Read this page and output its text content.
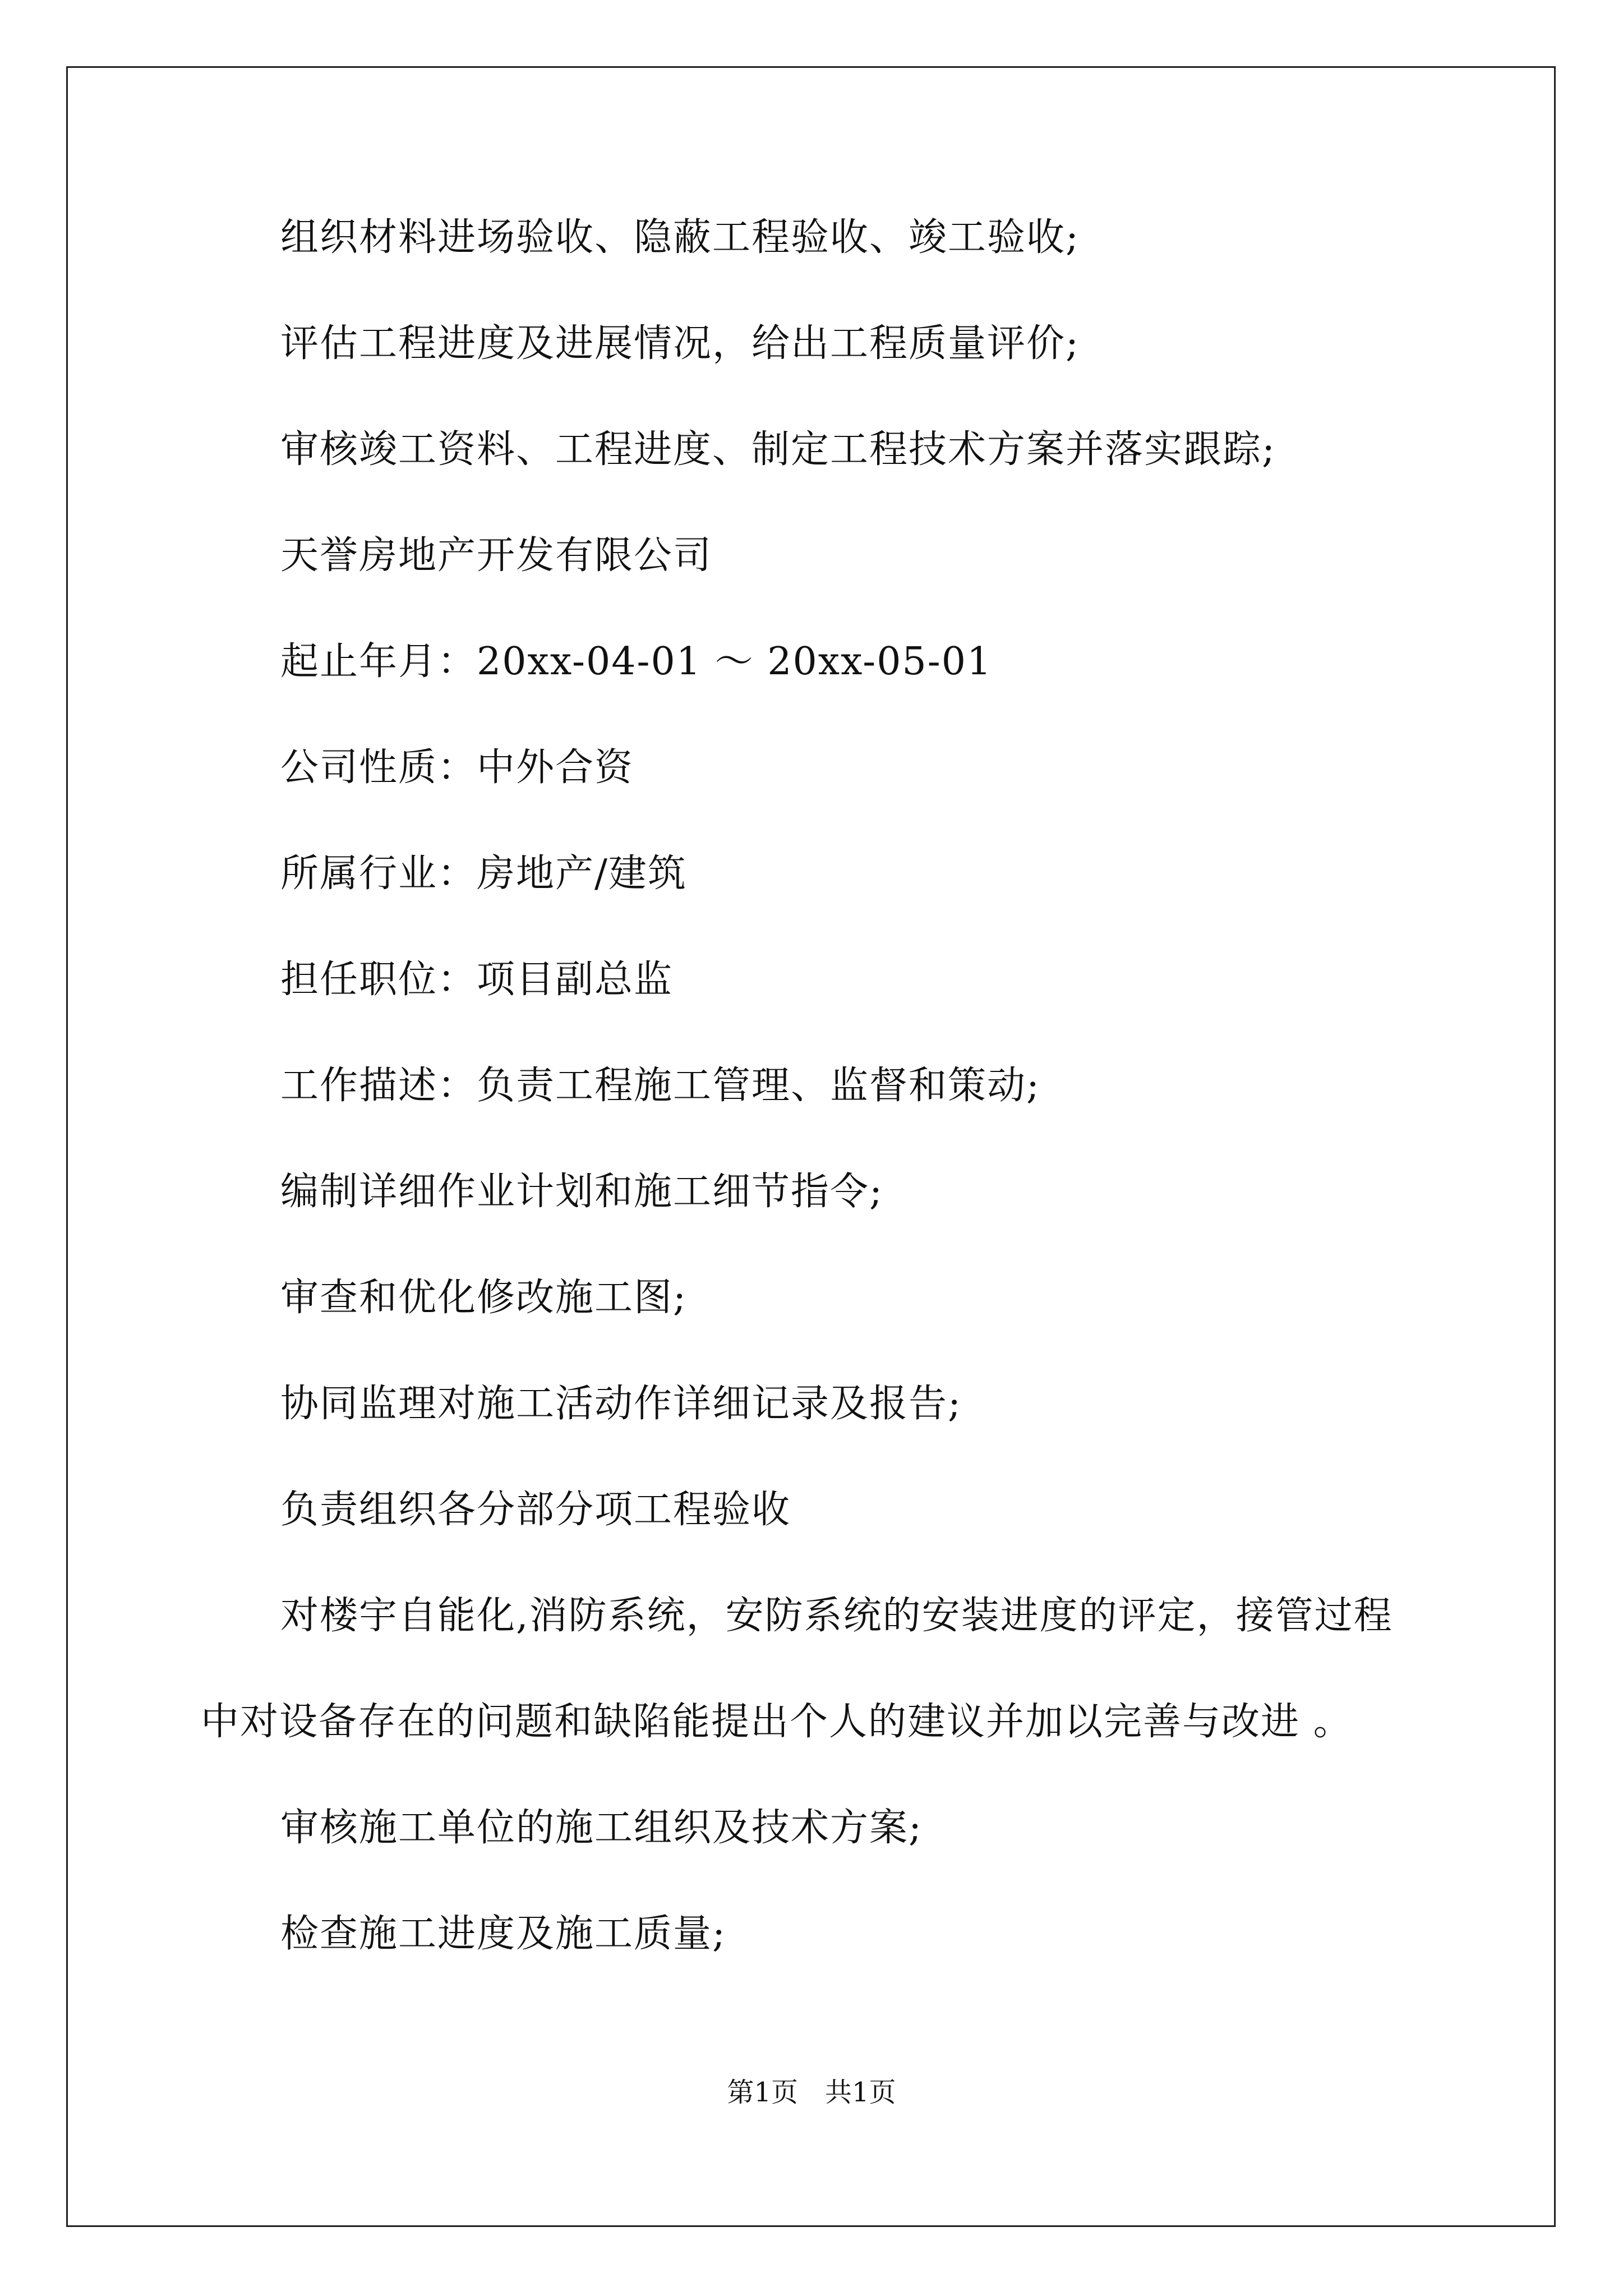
组织材料进场验收、隐蔽工程验收、竣工验收;

评估工程进度及进展情况，给出工程质量评价;

审核竣工资料、工程进度、制定工程技术方案并落实跟踪;

天誉房地产开发有限公司

起止年月：20xx-04-01 ～ 20xx-05-01

公司性质：中外合资

所属行业：房地产/建筑

担任职位：项目副总监

工作描述：负责工程施工管理、监督和策动;

编制详细作业计划和施工细节指令;

审查和优化修改施工图;

协同监理对施工活动作详细记录及报告;

负责组织各分部分项工程验收

对楼宇自能化,消防系统，安防系统的安装进度的评定，接管过程
中对设备存在的问题和缺陷能提出个人的建议并加以完善与改进 。

审核施工单位的施工组织及技术方案;

检查施工进度及施工质量;

第1页　共1页
